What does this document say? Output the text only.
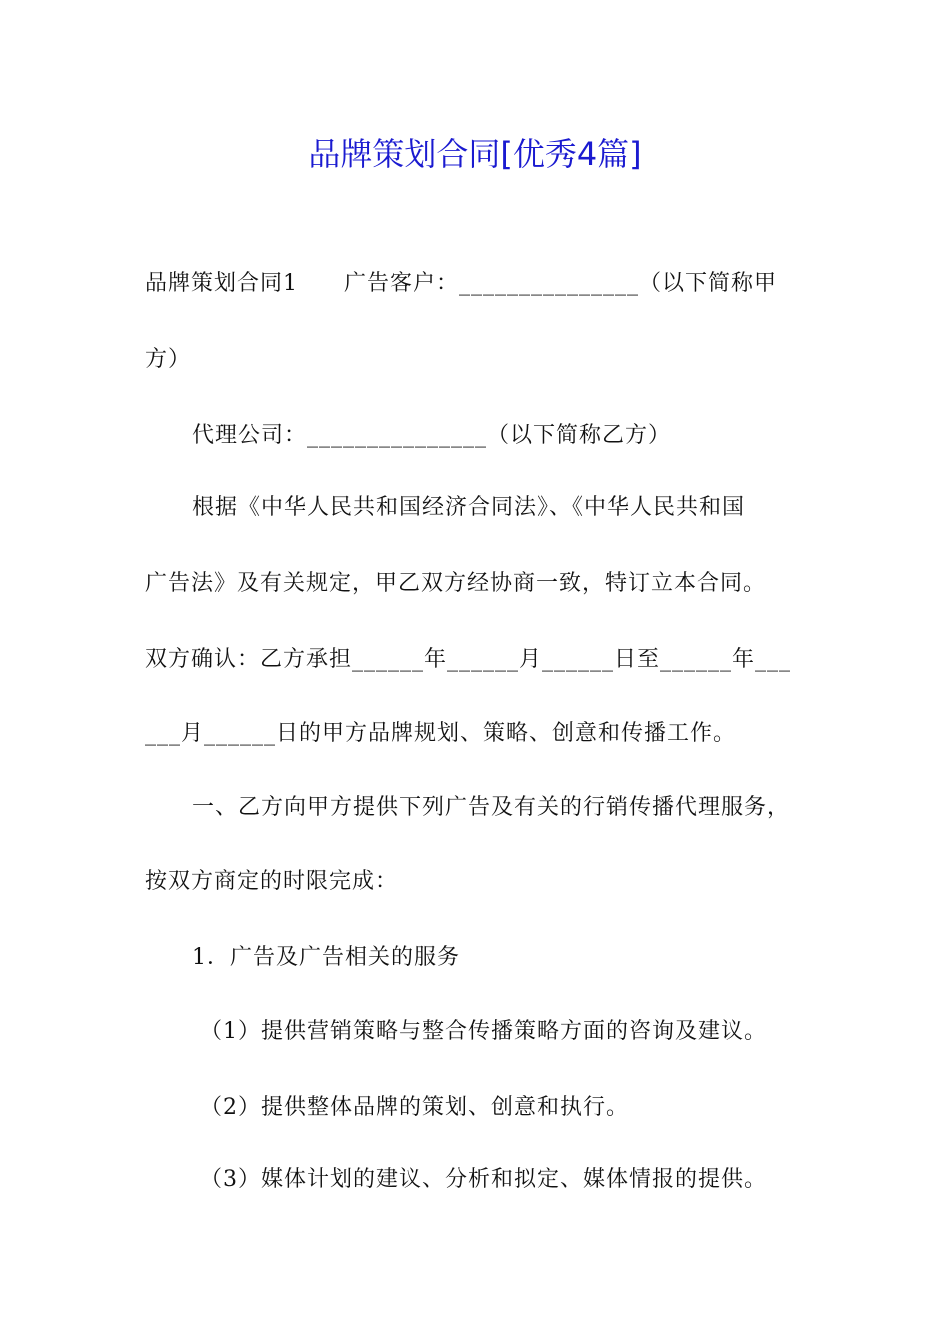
品牌策划合同[优秀4篇]
品牌策划合同1　　广告客户：_______________（以下简称甲
方）
代理公司：_______________（以下简称乙方）
根据《中华人民共和国经济合同法》、《中华人民共和国
广告法》及有关规定，甲乙双方经协商一致，特订立本合同。
双方确认：乙方承担______年______月______日至______年___
___月______日的甲方品牌规划、策略、创意和传播工作。
一、乙方向甲方提供下列广告及有关的行销传播代理服务，
按双方商定的时限完成：
1．广告及广告相关的服务
（1）提供营销策略与整合传播策略方面的咨询及建议。
（2）提供整体品牌的策划、创意和执行。
（3）媒体计划的建议、分析和拟定、媒体情报的提供。
